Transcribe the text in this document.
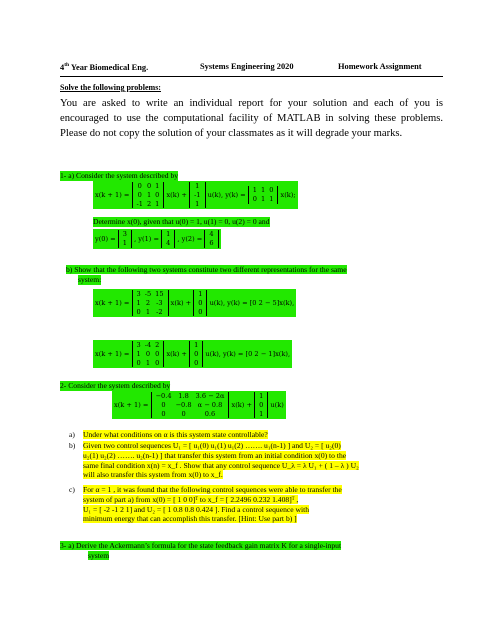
4th Year Biomedical Eng.	Systems Engineering 2020	Homework Assignment
Solve the following problems:
You are asked to write an individual report for your solution and each of you is encouraged to use the computational facility of MATLAB in solving these problems. Please do not copy the solution of your classmates as it will degrade your marks.
1- a) Consider the system described by
x(k + 1) =
0	0	1
0	1	0
-1	2	1
x(k) +
1
-1
1
u(k), y(k) =
1	1	0
0	1	1 x(k);
Determine x(0), given that u(0) = 1, u(1) = 0, u(2) = 0 and
y(0) =
3
1 , y(1) =
1
4 , y(2) =
4
6
b) Show that the following two systems constitute two different representations for the same
system:
x(k + 1) =
3	-5	15
1	2	-3
0	1	-2
x(k) +
1
0
0
u(k), y(k) = [0 2 − 5]x(k),
x(k + 1) =
3	-4	2
1	0	0
0	1	0
x(k) +
1
0
0
u(k), y(k) = [0 2 − 1]x(k),
2- Consider the system described by
x(k + 1) =
−0.4	1.8	3.6 − 2α
0	−0.8	α − 0.8
0	0	0.6
x(k) +
1
0
1
u(k)
a) Under what conditions on α is this system state controllable?
b) Given two control sequences U₁ = [ u₁(0) u₁(1) u₁(2) ……. u₁(n-1) ] and U₂ = [ u₂(0)
u₂(1) u₂(2) ……. u₂(n-1) ] that transfer this system from an initial condition x(0) to the
same final condition x(n) = x_f . Show that any control sequence U_λ = λ U₁ + ( 1 – λ ) U₂
will also transfer this system from x(0) to x_f.
c) For α = 1 , it was found that the following control sequences were able to transfer the
system of part a) from x(0) = [ 1 0 0]ᵀ to x_f = [ 2.2496 0.232 1.408]ᵀ ,
U₁ = [ -2 -1 2 1] and U₂ = [ 1 0.8 0.8 0.424 ]. Find a control sequence with
minimum energy that can accomplish this transfer. [Hint: Use part b) ]
3- a) Derive the Ackermann’s formula for the state feedback gain matrix K for a single-input
system
